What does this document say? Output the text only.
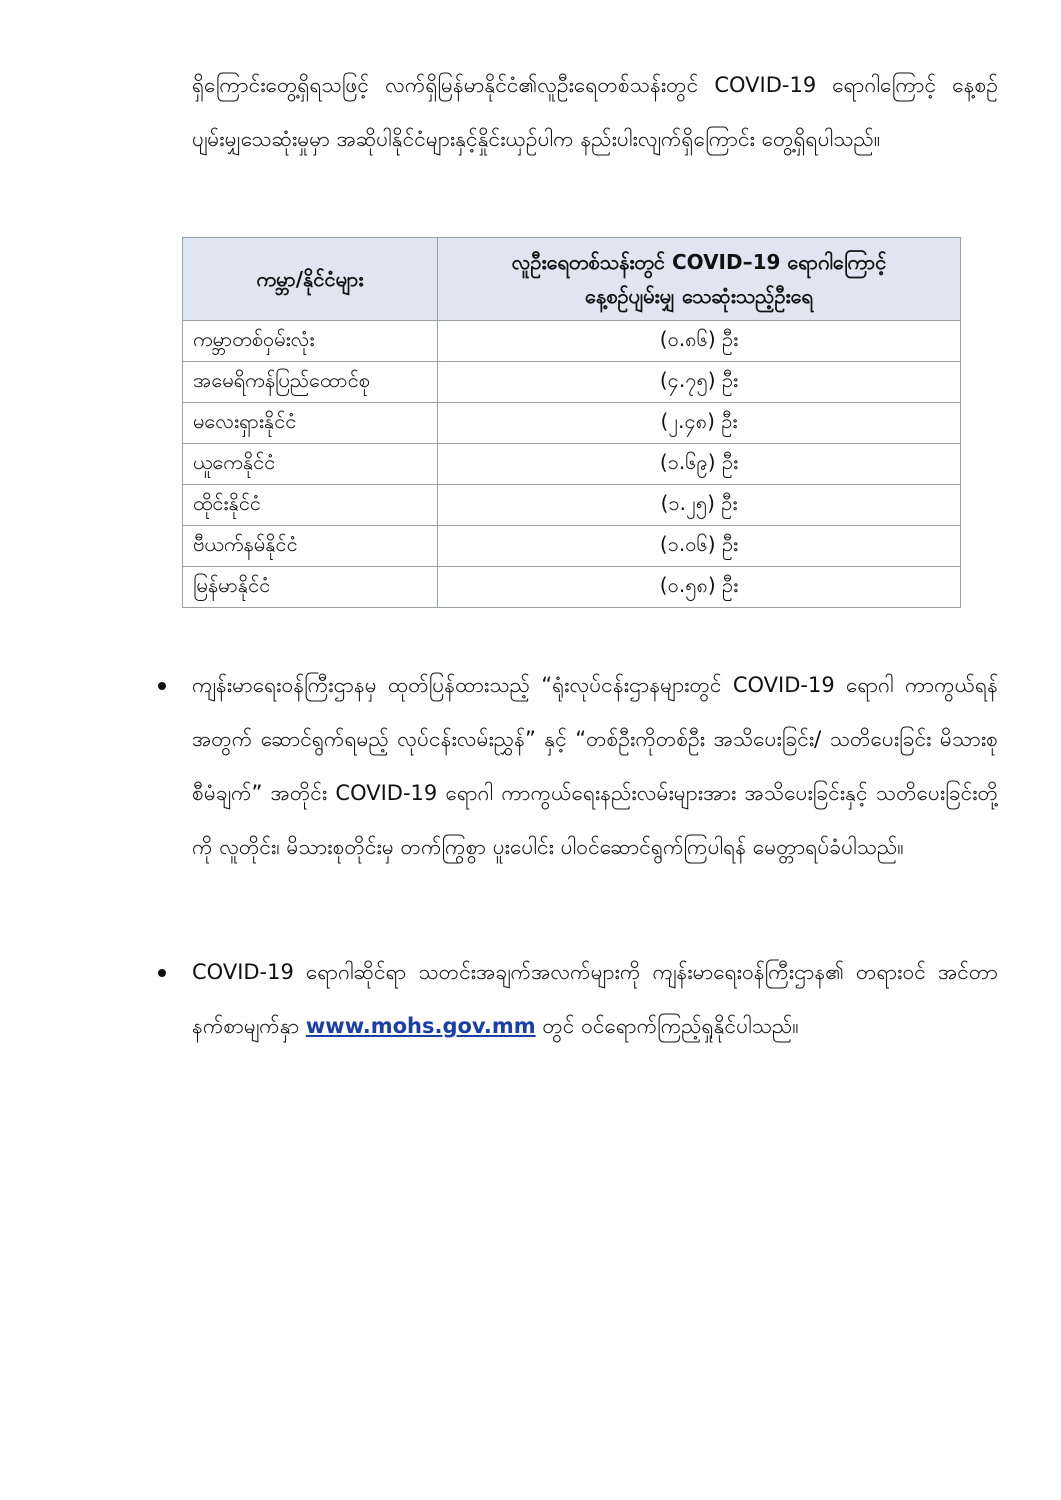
ရှိကြောင်းတွေ့ရှိရသဖြင့် လက်ရှိမြန်မာနိုင်ငံ၏လူဦးရေတစ်သန်းတွင် COVID-19 ရောဂါကြောင့် နေ့စဉ်ပျမ်းမျှသေဆုံးမှုမှာ အဆိုပါနိုင်ငံများနှင့်နှိုင်းယှဉ်ပါက နည်းပါးလျက်ရှိကြောင်း တွေ့ရှိရပါသည်။

ကမ္ဘာ/နိုင်ငံများ	လူဦးရေတစ်သန်းတွင် COVID–19 ရောဂါကြောင့်
နေ့စဉ်ပျမ်းမျှ သေဆုံးသည့်ဦးရေ

ကမ္ဘာတစ်ဝှမ်းလုံး	(၀.၈၆) ဦး
အမေရိကန်ပြည်ထောင်စု	(၄.၇၅) ဦး
မလေးရှားနိုင်ငံ	(၂.၄၈) ဦး
ယူကေနိုင်ငံ	(၁.၆၉) ဦး
ထိုင်းနိုင်ငံ	(၁.၂၅) ဦး
ဗီယက်နမ်နိုင်ငံ	(၁.၀၆) ဦး
မြန်မာနိုင်ငံ	(၀.၅၈) ဦး
ကျန်းမာရေးဝန်ကြီးဌာနမှ ထုတ်ပြန်ထားသည့် “ရုံးလုပ်ငန်းဌာနများတွင် COVID-19 ရောဂါ ကာကွယ်ရန်အတွက် ဆောင်ရွက်ရမည့် လုပ်ငန်းလမ်းညွှန်” နှင့် “တစ်ဦးကိုတစ်ဦး အသိပေးခြင်း/ သတိပေးခြင်း မိသားစုစီမံချက်” အတိုင်း COVID-19 ရောဂါ ကာကွယ်ရေးနည်းလမ်းများအား အသိပေးခြင်းနှင့် သတိပေးခြင်းတို့ကို လူတိုင်း၊ မိသားစုတိုင်းမှ တက်ကြွစွာ ပူးပေါင်း ပါဝင်ဆောင်ရွက်ကြပါရန် မေတ္တာရပ်ခံပါသည်။
COVID-19 ရောဂါဆိုင်ရာ သတင်းအချက်အလက်များကို ကျန်းမာရေးဝန်ကြီးဌာန၏ တရားဝင် အင်တာနက်စာမျက်နှာ www.mohs.gov.mm တွင် ဝင်ရောက်ကြည့်ရှုနိုင်ပါသည်။
